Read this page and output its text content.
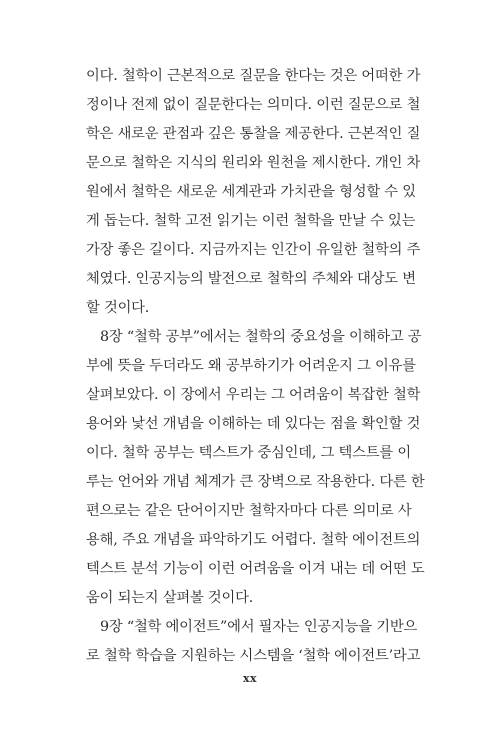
이다. 철학이 근본적으로 질문을 한다는 것은 어떠한 가
정이나 전제 없이 질문한다는 의미다. 이런 질문으로 철
학은 새로운 관점과 깊은 통찰을 제공한다. 근본적인 질
문으로 철학은 지식의 원리와 원천을 제시한다. 개인 차
원에서 철학은 새로운 세계관과 가치관을 형성할 수 있
게 돕는다. 철학 고전 읽기는 이런 철학을 만날 수 있는
가장 좋은 길이다. 지금까지는 인간이 유일한 철학의 주
체였다. 인공지능의 발전으로 철학의 주체와 대상도 변
할 것이다.
8장 “철학 공부”에서는 철학의 중요성을 이해하고 공
부에 뜻을 두더라도 왜 공부하기가 어려운지 그 이유를
살펴보았다. 이 장에서 우리는 그 어려움이 복잡한 철학
용어와 낯선 개념을 이해하는 데 있다는 점을 확인할 것
이다. 철학 공부는 텍스트가 중심인데, 그 텍스트를 이
루는 언어와 개념 체계가 큰 장벽으로 작용한다. 다른 한
편으로는 같은 단어이지만 철학자마다 다른 의미로 사
용해, 주요 개념을 파악하기도 어렵다. 철학 에이전트의
텍스트 분석 기능이 이런 어려움을 이겨 내는 데 어떤 도
움이 되는지 살펴볼 것이다.
9장 “철학 에이전트”에서 필자는 인공지능을 기반으
로 철학 학습을 지원하는 시스템을 ‘철학 에이전트’라고
xx
